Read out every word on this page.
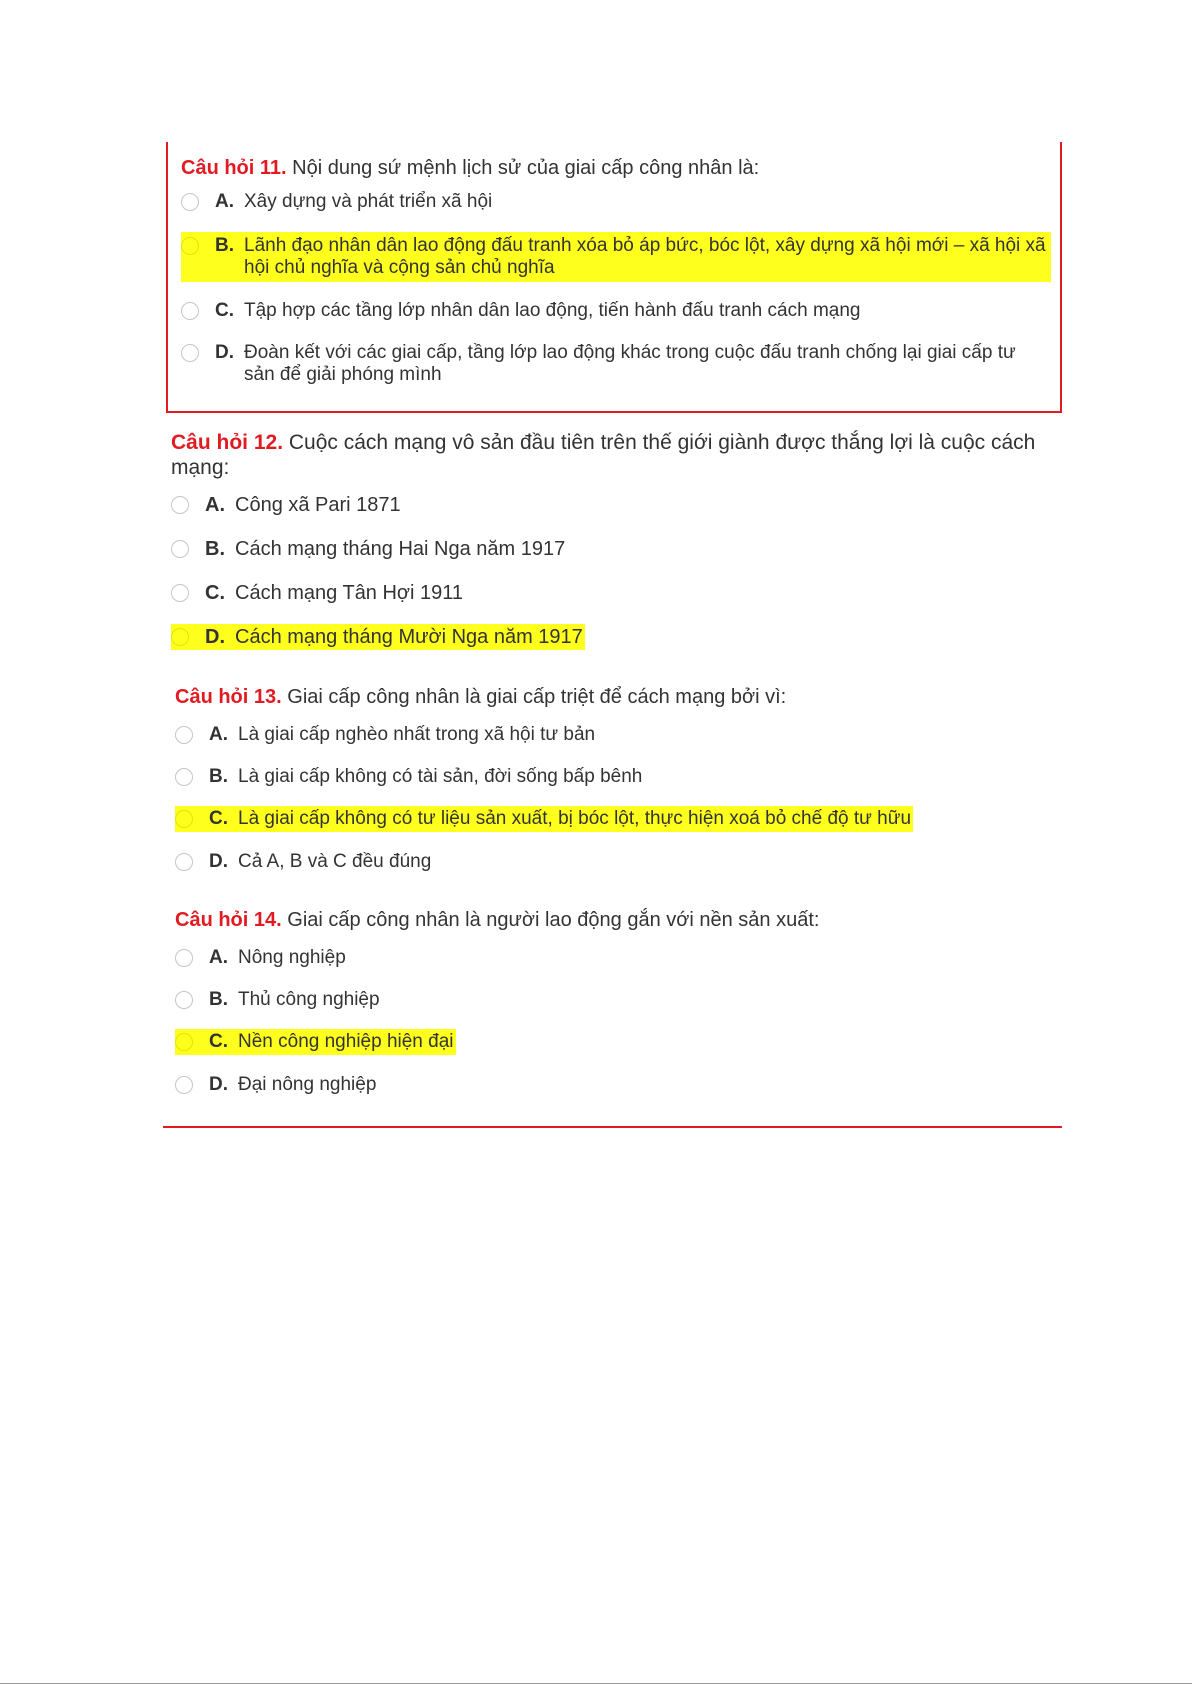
Câu hỏi 11. Nội dung sứ mệnh lịch sử của giai cấp công nhân là:
A. Xây dựng và phát triển xã hội
B. Lãnh đạo nhân dân lao động đấu tranh xóa bỏ áp bức, bóc lột, xây dựng xã hội mới – xã hội xã hội chủ nghĩa và cộng sản chủ nghĩa
C. Tập hợp các tầng lớp nhân dân lao động, tiến hành đấu tranh cách mạng
D. Đoàn kết với các giai cấp, tầng lớp lao động khác trong cuộc đấu tranh chống lại giai cấp tư sản để giải phóng mình
Câu hỏi 12. Cuộc cách mạng vô sản đầu tiên trên thế giới giành được thắng lợi là cuộc cách mạng:
A. Công xã Pari 1871
B. Cách mạng tháng Hai Nga năm 1917
C. Cách mạng Tân Hợi 1911
D. Cách mạng tháng Mười Nga năm 1917
Câu hỏi 13. Giai cấp công nhân là giai cấp triệt để cách mạng bởi vì:
A. Là giai cấp nghèo nhất trong xã hội tư bản
B. Là giai cấp không có tài sản, đời sống bấp bênh
C. Là giai cấp không có tư liệu sản xuất, bị bóc lột, thực hiện xoá bỏ chế độ tư hữu
D. Cả A, B và C đều đúng
Câu hỏi 14. Giai cấp công nhân là người lao động gắn với nền sản xuất:
A. Nông nghiệp
B. Thủ công nghiệp
C. Nền công nghiệp hiện đại
D. Đại nông nghiệp
